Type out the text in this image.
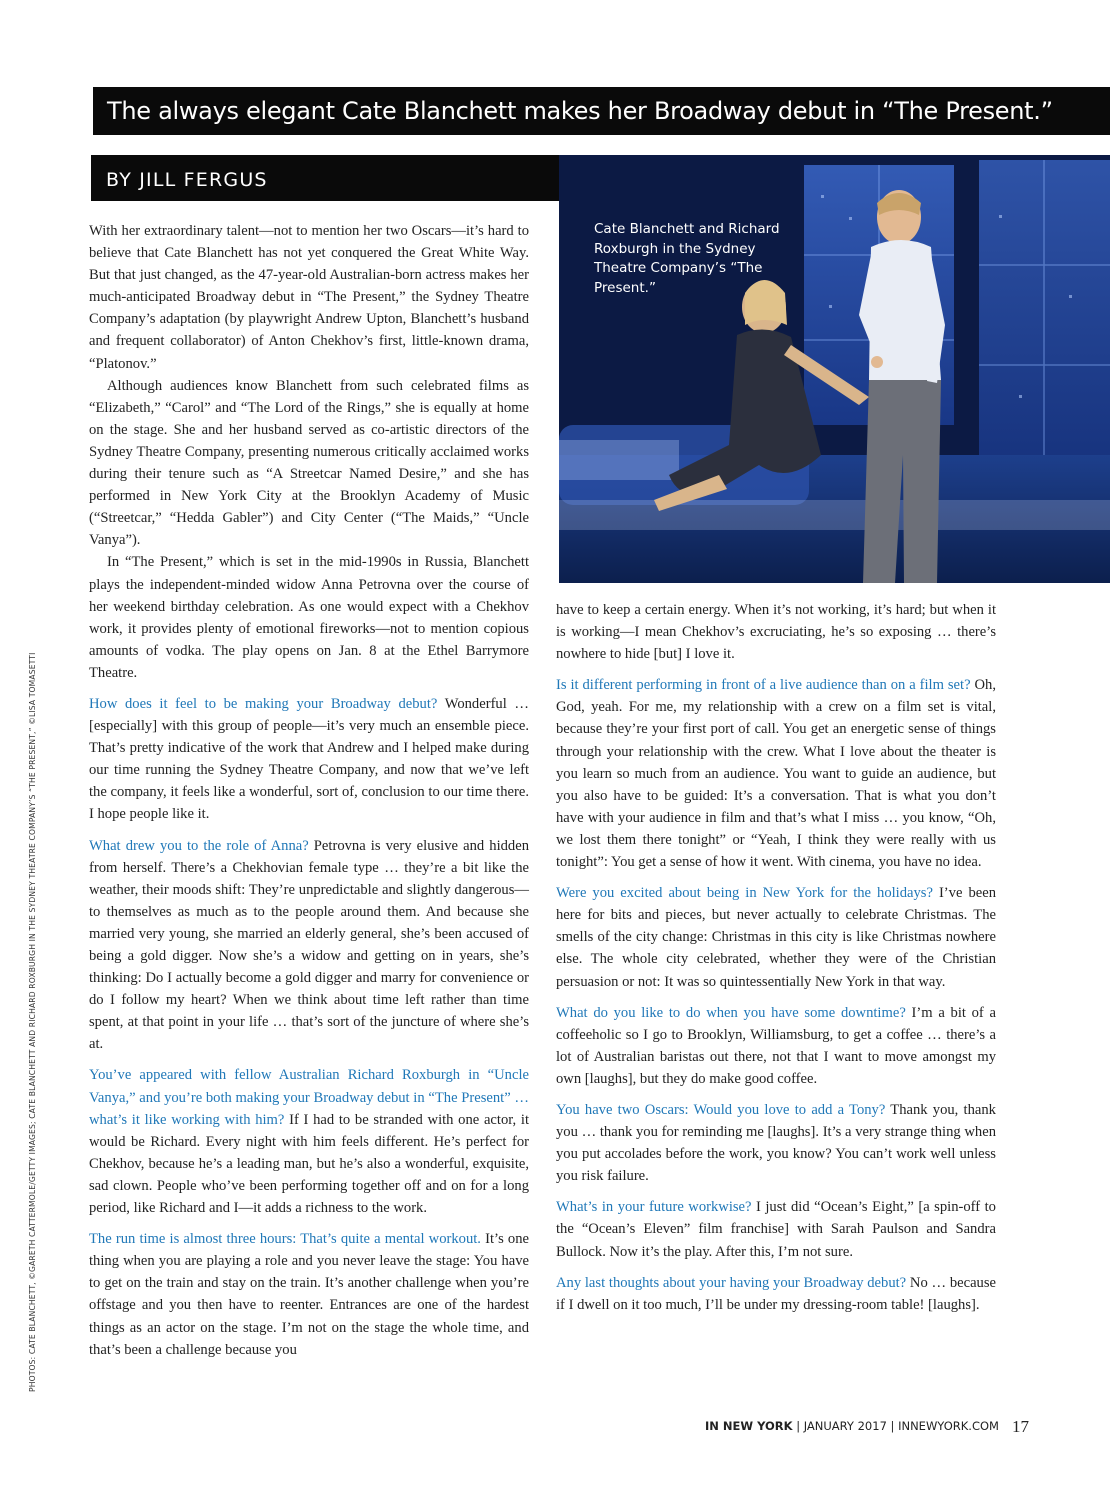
The always elegant Cate Blanchett makes her Broadway debut in “The Present.”
BY JILL FERGUS
Cate Blanchett and Richard Roxburgh in the Sydney Theatre Company’s “The Present.”
PHOTOS: CATE BLANCHETT, ©GARETH CATTERMOLE/GETTY IMAGES; CATE BLANCHETT AND RICHARD ROXBURGH IN THE SYDNEY THEATRE COMPANY’S “THE PRESENT,” ©LISA TOMASETTI

With her extraordinary talent—not to mention her two Oscars—it’s hard to believe that Cate Blanchett has not yet conquered the Great White Way. But that just changed, as the 47-year-old Australian-born actress makes her much-anticipated Broadway debut in “The Present,” the Sydney Theatre Company’s adaptation (by playwright Andrew Upton, Blanchett’s husband and frequent collaborator) of Anton Chekhov’s first, little-known drama, “Platonov.”

Although audiences know Blanchett from such celebrated films as “Elizabeth,” “Carol” and “The Lord of the Rings,” she is equally at home on the stage. She and her husband served as co-artistic directors of the Sydney Theatre Company, presenting numerous critically acclaimed works during their tenure such as “A Streetcar Named Desire,” and she has performed in New York City at the Brooklyn Academy of Music (“Streetcar,” “Hedda Gabler”) and City Center (“The Maids,” “Uncle Vanya”).

In “The Present,” which is set in the mid-1990s in Russia, Blanchett plays the independent-minded widow Anna Petrovna over the course of her weekend birthday celebration. As one would expect with a Chekhov work, it provides plenty of emotional fireworks—not to mention copious amounts of vodka. The play opens on Jan. 8 at the Ethel Barrymore Theatre.

How does it feel to be making your Broadway debut? Wonderful … [especially] with this group of people—it’s very much an ensemble piece. That’s pretty indicative of the work that Andrew and I helped make during our time running the Sydney Theatre Company, and now that we’ve left the company, it feels like a wonderful, sort of, conclusion to our time there. I hope people like it.

What drew you to the role of Anna? Petrovna is very elusive and hidden from herself. There’s a Chekhovian female type … they’re a bit like the weather, their moods shift: They’re unpredictable and slightly dangerous—to themselves as much as to the people around them. And because she married very young, she married an elderly general, she’s been accused of being a gold digger. Now she’s a widow and getting on in years, she’s thinking: Do I actually become a gold digger and marry for convenience or do I follow my heart? When we think about time left rather than time spent, at that point in your life … that’s sort of the juncture of where she’s at.

You’ve appeared with fellow Australian Richard Roxburgh in “Uncle Vanya,” and you’re both making your Broadway debut in “The Present” … what’s it like working with him? If I had to be stranded with one actor, it would be Richard. Every night with him feels different. He’s perfect for Chekhov, because he’s a leading man, but he’s also a wonderful, exquisite, sad clown. People who’ve been performing together off and on for a long period, like Richard and I—it adds a richness to the work.

The run time is almost three hours: That’s quite a mental workout. It’s one thing when you are playing a role and you never leave the stage: You have to get on the train and stay on the train. It’s another challenge when you’re offstage and you then have to reenter. Entrances are one of the hardest things as an actor on the stage. I’m not on the stage the whole time, and that’s been a challenge because you

have to keep a certain energy. When it’s not working, it’s hard; but when it is working—I mean Chekhov’s excruciating, he’s so exposing … there’s nowhere to hide [but] I love it.

Is it different performing in front of a live audience than on a film set? Oh, God, yeah. For me, my relationship with a crew on a film set is vital, because they’re your first port of call. You get an energetic sense of things through your relationship with the crew. What I love about the theater is you learn so much from an audience. You want to guide an audience, but you also have to be guided: It’s a conversation. That is what you don’t have with your audience in film and that’s what I miss … you know, “Oh, we lost them there tonight” or “Yeah, I think they were really with us tonight”: You get a sense of how it went. With cinema, you have no idea.

Were you excited about being in New York for the holidays? I’ve been here for bits and pieces, but never actually to celebrate Christmas. The smells of the city change: Christmas in this city is like Christmas nowhere else. The whole city celebrated, whether they were of the Christian persuasion or not: It was so quintessentially New York in that way.

What do you like to do when you have some downtime? I’m a bit of a coffeeholic so I go to Brooklyn, Williamsburg, to get a coffee … there’s a lot of Australian baristas out there, not that I want to move amongst my own [laughs], but they do make good coffee.

You have two Oscars: Would you love to add a Tony? Thank you, thank you … thank you for reminding me [laughs]. It’s a very strange thing when you put accolades before the work, you know? You can’t work well unless you risk failure.

What’s in your future workwise? I just did “Ocean’s Eight,” [a spin-off to the “Ocean’s Eleven” film franchise] with Sarah Paulson and Sandra Bullock. Now it’s the play. After this, I’m not sure.

Any last thoughts about your having your Broadway debut? No … because if I dwell on it too much, I’ll be under my dressing-room table! [laughs].

IN NEW YORK | JANUARY 2017 | INNEWYORK.COM 17
